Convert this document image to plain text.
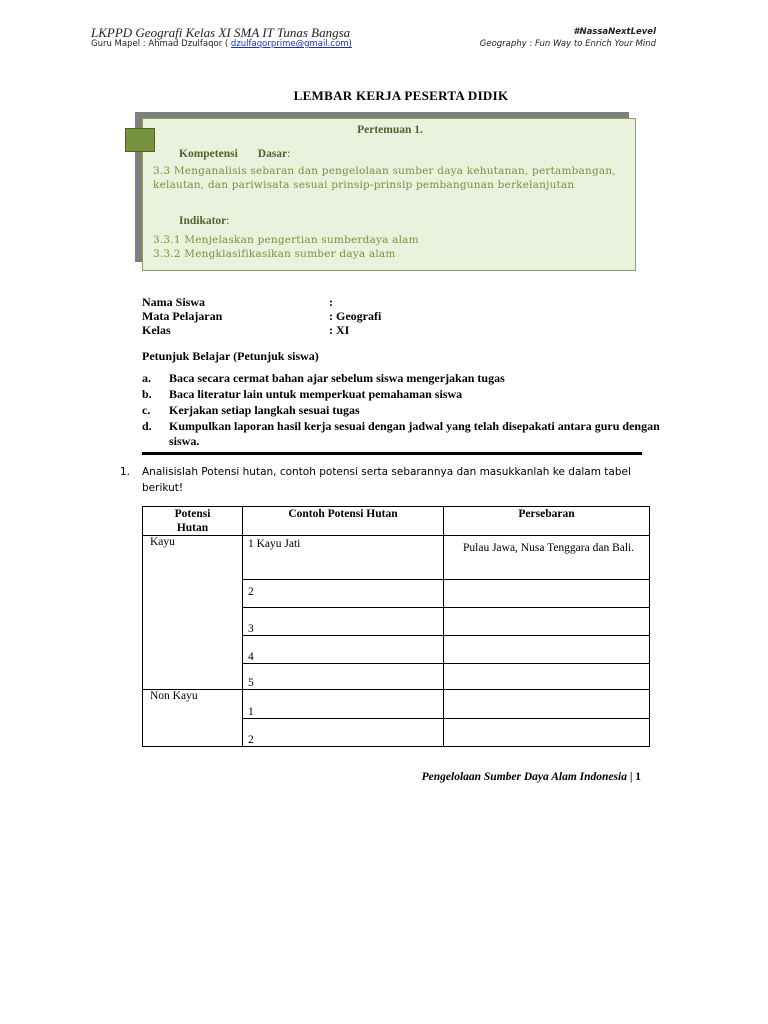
LKPPD Geografi Kelas XI SMA IT Tunas Bangsa
Guru Mapel : Ahmad Dzulfaqor ( dzulfaqorprime@gmail.com)
#NassaNextLevel
Geography : Fun Way to Enrich Your Mind
LEMBAR KERJA PESERTA DIDIK
Pertemuan 1.
Kompetensi Dasar:
3.3 Menganalisis sebaran dan pengelolaan sumber daya kehutanan, pertambangan, kelautan, dan pariwisata sesuai prinsip-prinsip pembangunan berkelanjutan
Indikator:
3.3.1 Menjelaskan pengertian sumberdaya alam
3.3.2 Mengklasifikasikan sumber daya alam
Nama Siswa	:
Mata Pelajaran	: Geografi
Kelas	: XI
Petunjuk Belajar (Petunjuk siswa)
a.	Baca secara cermat bahan ajar sebelum siswa mengerjakan tugas
b.	Baca literatur lain untuk memperkuat pemahaman siswa
c.	Kerjakan setiap langkah sesuai tugas
d.	Kumpulkan laporan hasil kerja sesuai dengan jadwal yang telah disepakati antara guru dengan siswa.
1.	Analisislah Potensi hutan, contoh potensi serta sebarannya dan masukkanlah ke dalam tabel berikut!
Potensi Hutan	Contoh Potensi Hutan	Persebaran
Kayu	1 Kayu Jati	Pulau Jawa, Nusa Tenggara dan Bali.
	2	
	3	
	4	
	5	
Non Kayu	1	
	2	
Pengelolaan Sumber Daya Alam Indonesia | 1
